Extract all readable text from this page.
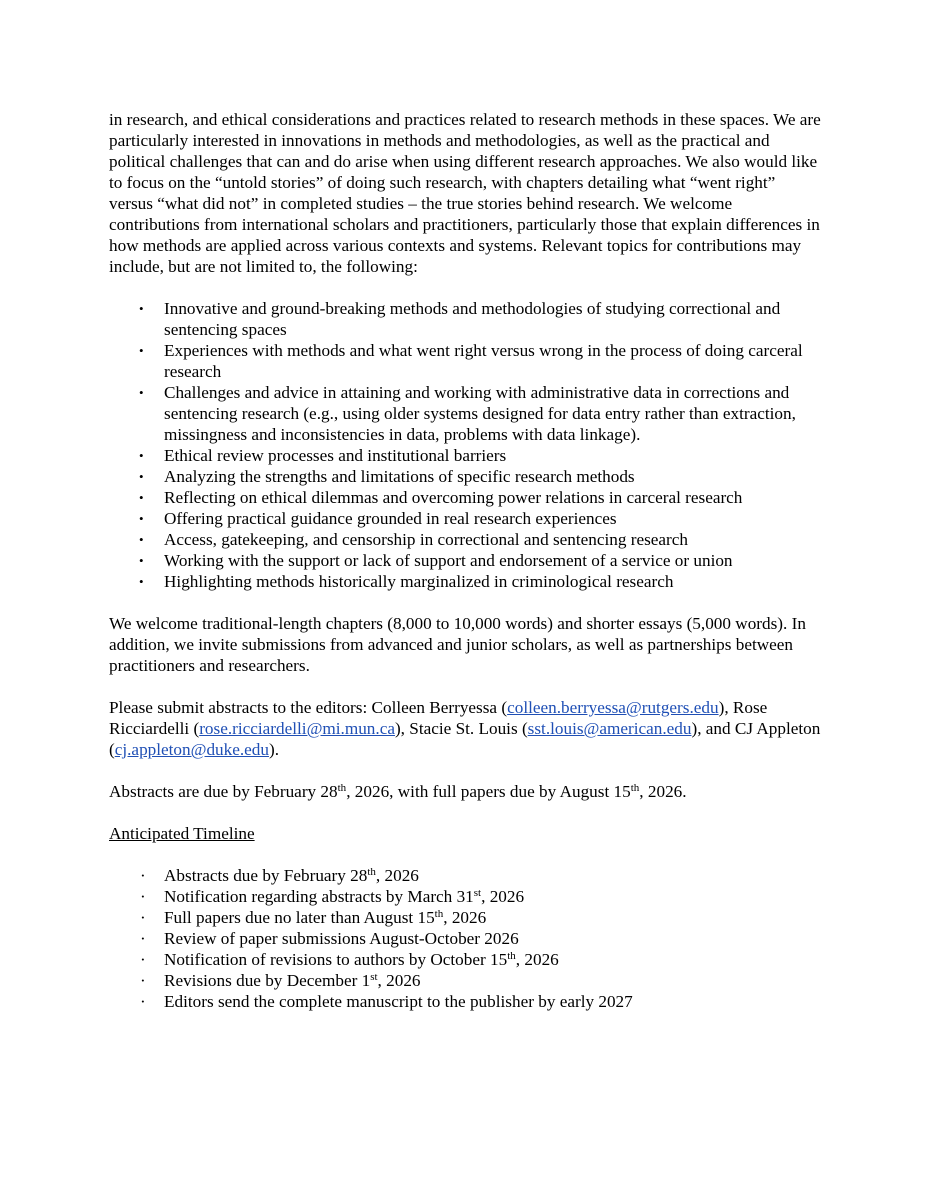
in research, and ethical considerations and practices related to research methods in these spaces. We are particularly interested in innovations in methods and methodologies, as well as the practical and political challenges that can and do arise when using different research approaches. We also would like to focus on the “untold stories” of doing such research, with chapters detailing what “went right” versus “what did not” in completed studies – the true stories behind research. We welcome contributions from international scholars and practitioners, particularly those that explain differences in how methods are applied across various contexts and systems. Relevant topics for contributions may include, but are not limited to, the following:

• Innovative and ground-breaking methods and methodologies of studying correctional and sentencing spaces
• Experiences with methods and what went right versus wrong in the process of doing carceral research
• Challenges and advice in attaining and working with administrative data in corrections and sentencing research (e.g., using older systems designed for data entry rather than extraction, missingness and inconsistencies in data, problems with data linkage).
• Ethical review processes and institutional barriers
• Analyzing the strengths and limitations of specific research methods
• Reflecting on ethical dilemmas and overcoming power relations in carceral research
• Offering practical guidance grounded in real research experiences
• Access, gatekeeping, and censorship in correctional and sentencing research
• Working with the support or lack of support and endorsement of a service or union
• Highlighting methods historically marginalized in criminological research

We welcome traditional-length chapters (8,000 to 10,000 words) and shorter essays (5,000 words). In addition, we invite submissions from advanced and junior scholars, as well as partnerships between practitioners and researchers.

Please submit abstracts to the editors: Colleen Berryessa (colleen.berryessa@rutgers.edu), Rose Ricciardelli (rose.ricciardelli@mi.mun.ca), Stacie St. Louis (sst.louis@american.edu), and CJ Appleton (cj.appleton@duke.edu).

Abstracts are due by February 28th, 2026, with full papers due by August 15th, 2026.

Anticipated Timeline

· Abstracts due by February 28th, 2026
· Notification regarding abstracts by March 31st, 2026
· Full papers due no later than August 15th, 2026
· Review of paper submissions August-October 2026
· Notification of revisions to authors by October 15th, 2026
· Revisions due by December 1st, 2026
· Editors send the complete manuscript to the publisher by early 2027
